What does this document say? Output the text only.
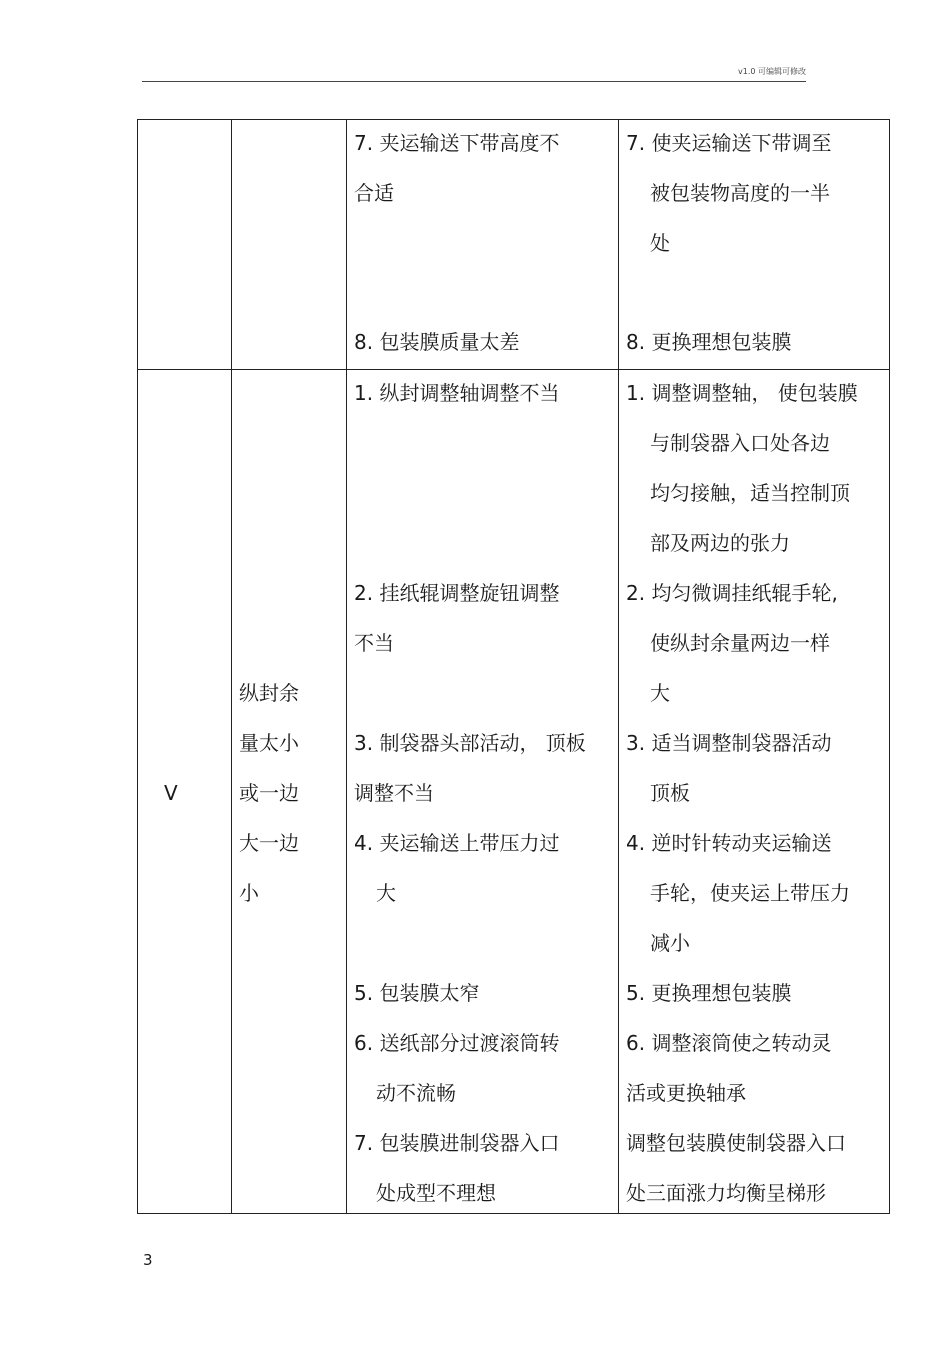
v1.0 可编辑可修改
7. 夹运输送下带高度不
合适
7. 使夹运输送下带调至
被包装物高度的一半
处
8. 包装膜质量太差	8. 更换理想包装膜
V
纵封余
量太小
或一边
大一边
小
1. 纵封调整轴调整不当
2. 挂纸辊调整旋钮调整
不当
3. 制袋器头部活动， 顶板
调整不当
4. 夹运输送上带压力过
大
5. 包装膜太窄
6. 送纸部分过渡滚筒转
动不流畅
7. 包装膜进制袋器入口
处成型不理想
1. 调整调整轴， 使包装膜
与制袋器入口处各边
均匀接触，适当控制顶
部及两边的张力
2. 均匀微调挂纸辊手轮,
使纵封余量两边一样
大
3. 适当调整制袋器活动
顶板
4. 逆时针转动夹运输送
手轮，使夹运上带压力
减小
5. 更换理想包装膜
6. 调整滚筒使之转动灵
活或更换轴承
调整包装膜使制袋器入口
处三面涨力均衡呈梯形
3
